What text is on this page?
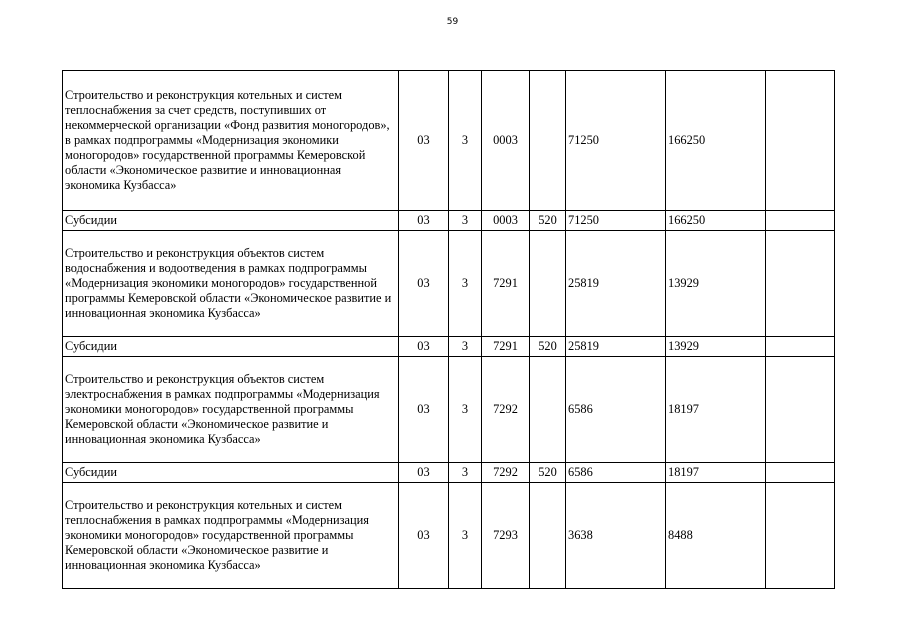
59
Строительство и реконструкция котельных и систем теплоснабжения за счет средств, поступивших от некоммерческой организации «Фонд развития моногородов», в рамках подпрограммы «Модернизация экономики моногородов» государственной программы Кемеровской области «Экономическое развитие и инновационная экономика Кузбасса»	03	3	0003		71250	166250	
Субсидии	03	3	0003	520	71250	166250	
Строительство и реконструкция объектов систем водоснабжения и водоотведения в рамках подпрограммы «Модернизация экономики моногородов» государственной программы Кемеровской области «Экономическое развитие и инновационная экономика Кузбасса»	03	3	7291		25819	13929	
Субсидии	03	3	7291	520	25819	13929	
Строительство и реконструкция объектов систем электроснабжения в рамках подпрограммы «Модернизация экономики моногородов» государственной программы Кемеровской области «Экономическое развитие и инновационная экономика Кузбасса»	03	3	7292		6586	18197	
Субсидии	03	3	7292	520	6586	18197	
Строительство и реконструкция котельных и систем теплоснабжения в рамках подпрограммы «Модернизация экономики моногородов» государственной программы Кемеровской области «Экономическое развитие и инновационная экономика Кузбасса»	03	3	7293		3638	8488	
